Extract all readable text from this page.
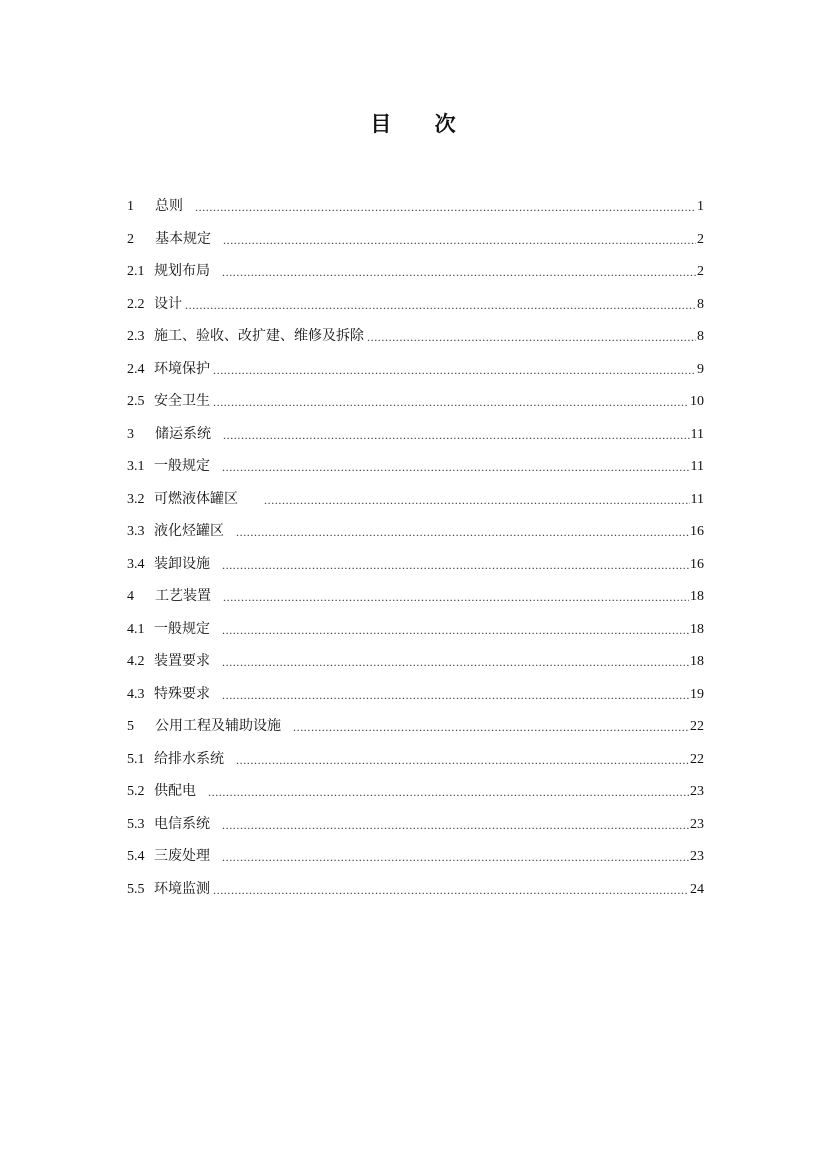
目 次
1	总则 .....	1
2	基本规定 .....	2
2.1 规划布局 .....	2
2.2 设计 .....	8
2.3 施工、验收、改扩建、维修及拆除 .....	8
2.4 环境保护 .....	9
2.5 安全卫生 .....	10
3	储运系统 .....	11
3.1 一般规定 .....	11
3.2 可燃液体罐区 .....	11
3.3 液化烃罐区 .....	16
3.4 装卸设施 .....	16
4	工艺装置 .....	18
4.1 一般规定 .....	18
4.2 装置要求 .....	18
4.3 特殊要求 .....	19
5	公用工程及辅助设施 .....	22
5.1 给排水系统 .....	22
5.2 供配电 .....	23
5.3 电信系统 .....	23
5.4 三废处理 .....	23
5.5 环境监测 .....	24
